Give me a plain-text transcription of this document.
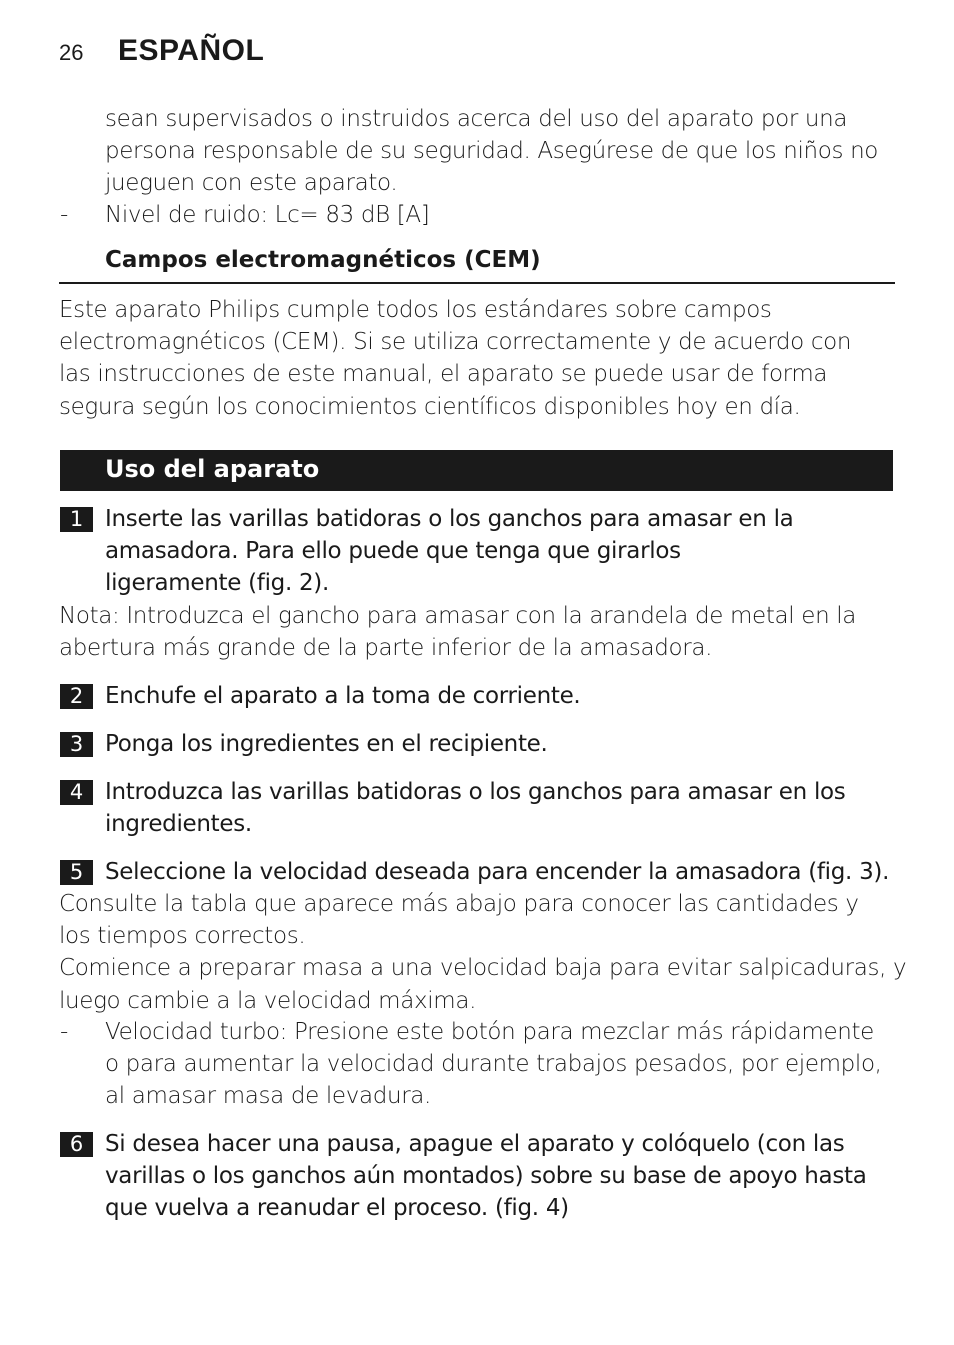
26 ESPAÑOL
sean supervisados o instruidos acerca del uso del aparato por una
persona responsable de su seguridad. Asegúrese de que los niños no
jueguen con este aparato.
- Nivel de ruido: Lc= 83 dB [A]
Campos electromagnéticos (CEM)
Este aparato Philips cumple todos los estándares sobre campos
electromagnéticos (CEM). Si se utiliza correctamente y de acuerdo con
las instrucciones de este manual, el aparato se puede usar de forma
segura según los conocimientos científicos disponibles hoy en día.
Uso del aparato
1 Inserte las varillas batidoras o los ganchos para amasar en la
amasadora. Para ello puede que tenga que girarlos
ligeramente (fig. 2).
Nota: Introduzca el gancho para amasar con la arandela de metal en la
abertura más grande de la parte inferior de la amasadora.
2 Enchufe el aparato a la toma de corriente.
3 Ponga los ingredientes en el recipiente.
4 Introduzca las varillas batidoras o los ganchos para amasar en los
ingredientes.
5 Seleccione la velocidad deseada para encender la amasadora (fig. 3).
Consulte la tabla que aparece más abajo para conocer las cantidades y
los tiempos correctos.
Comience a preparar masa a una velocidad baja para evitar salpicaduras, y
luego cambie a la velocidad máxima.
- Velocidad turbo: Presione este botón para mezclar más rápidamente
o para aumentar la velocidad durante trabajos pesados, por ejemplo,
al amasar masa de levadura.
6 Si desea hacer una pausa, apague el aparato y colóquelo (con las
varillas o los ganchos aún montados) sobre su base de apoyo hasta
que vuelva a reanudar el proceso. (fig. 4)
